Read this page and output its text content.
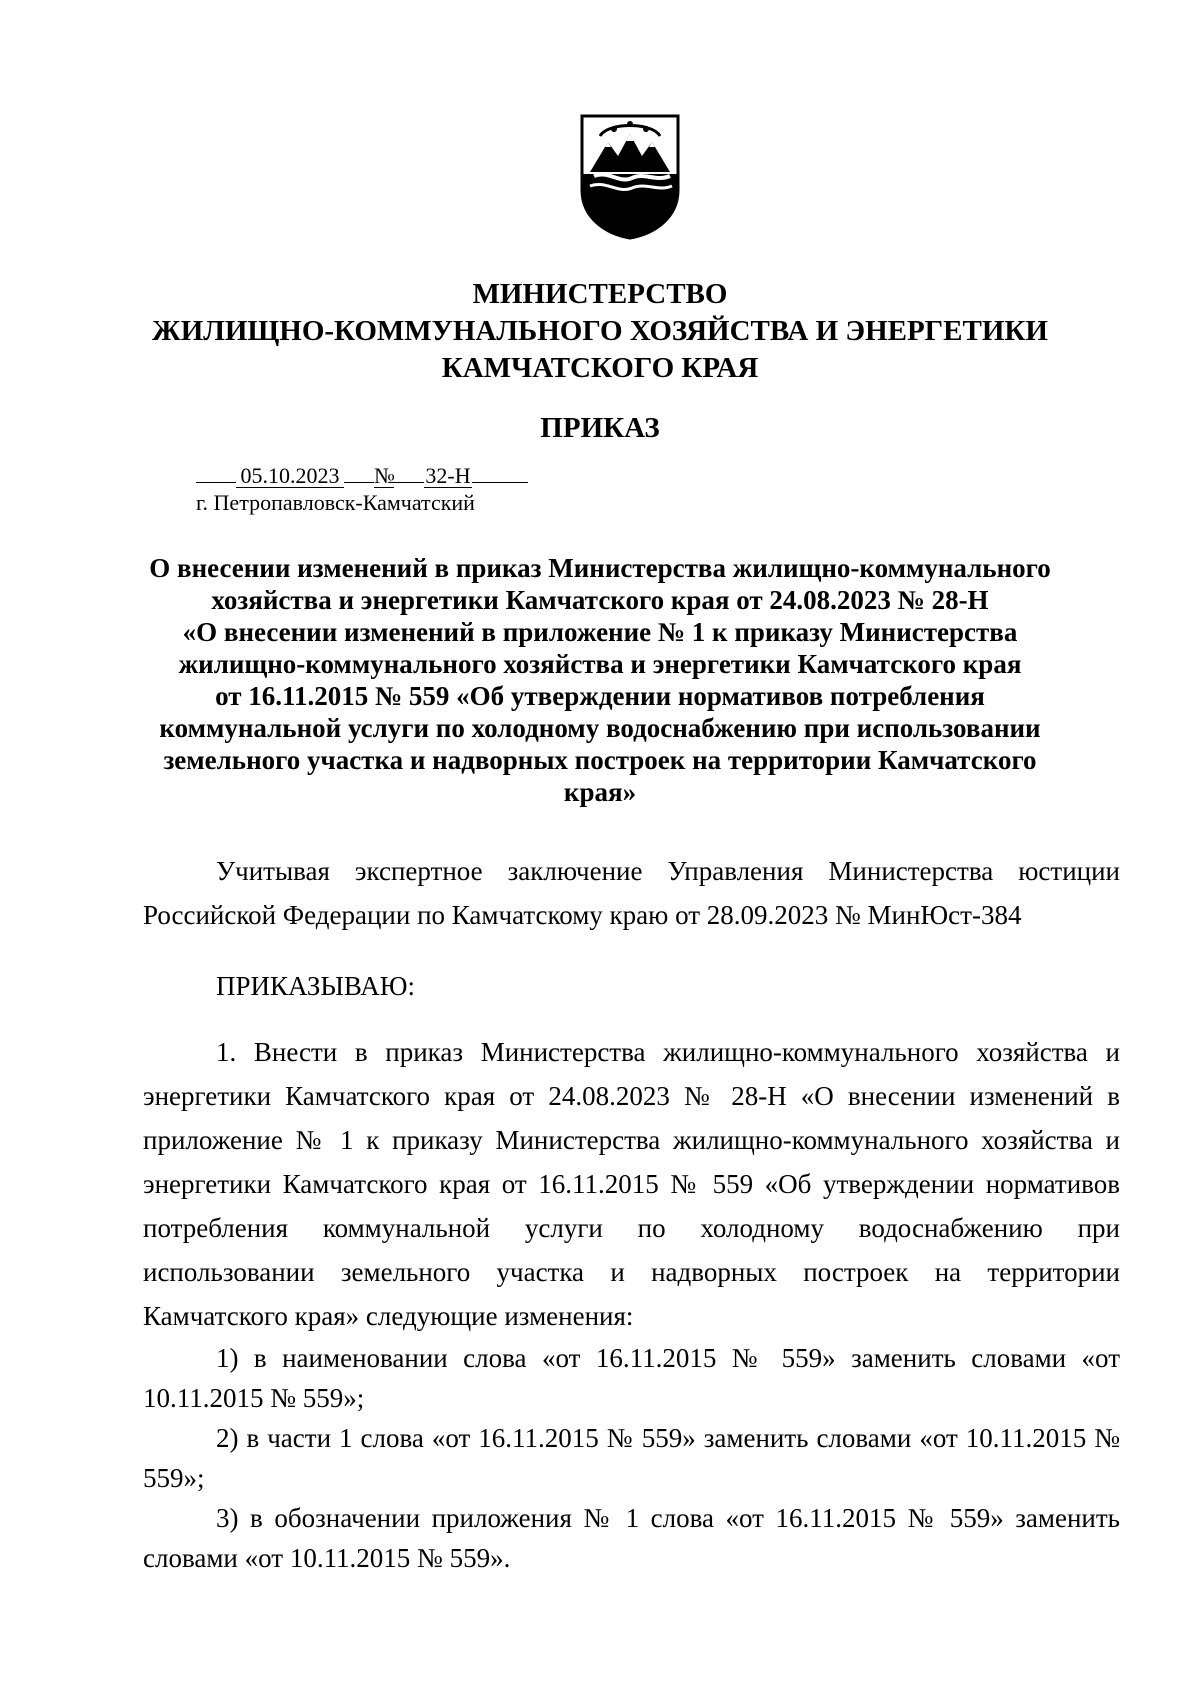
МИНИСТЕРСТВО
ЖИЛИЩНО-КОММУНАЛЬНОГО ХОЗЯЙСТВА И ЭНЕРГЕТИКИ
КАМЧАТСКОГО КРАЯ
ПРИКАЗ
05.10.2023 № 32-Н
г. Петропавловск-Камчатский
О внесении изменений в приказ Министерства жилищно-коммунального
хозяйства и энергетики Камчатского края от 24.08.2023 № 28-Н
«О внесении изменений в приложение № 1 к приказу Министерства
жилищно-коммунального хозяйства и энергетики Камчатского края
от 16.11.2015 № 559 «Об утверждении нормативов потребления
коммунальной услуги по холодному водоснабжению при использовании
земельного участка и надворных построек на территории Камчатского
края»

Учитывая экспертное заключение Управления Министерства юстиции Российской Федерации по Камчатскому краю от 28.09.2023 № МинЮст-384

ПРИКАЗЫВАЮ:

1. Внести в приказ Министерства жилищно-коммунального хозяйства и энергетики Камчатского края от 24.08.2023 № 28-Н «О внесении изменений в приложение № 1 к приказу Министерства жилищно-коммунального хозяйства и энергетики Камчатского края от 16.11.2015 № 559 «Об утверждении нормативов потребления коммунальной услуги по холодному водоснабжению при использовании земельного участка и надворных построек на территории Камчатского края» следующие изменения:

1) в наименовании слова «от 16.11.2015 № 559» заменить словами «от 10.11.2015 № 559»;

2) в части 1 слова «от 16.11.2015 № 559» заменить словами «от 10.11.2015 № 559»;

3) в обозначении приложения № 1 слова «от 16.11.2015 № 559» заменить словами «от 10.11.2015 № 559».
